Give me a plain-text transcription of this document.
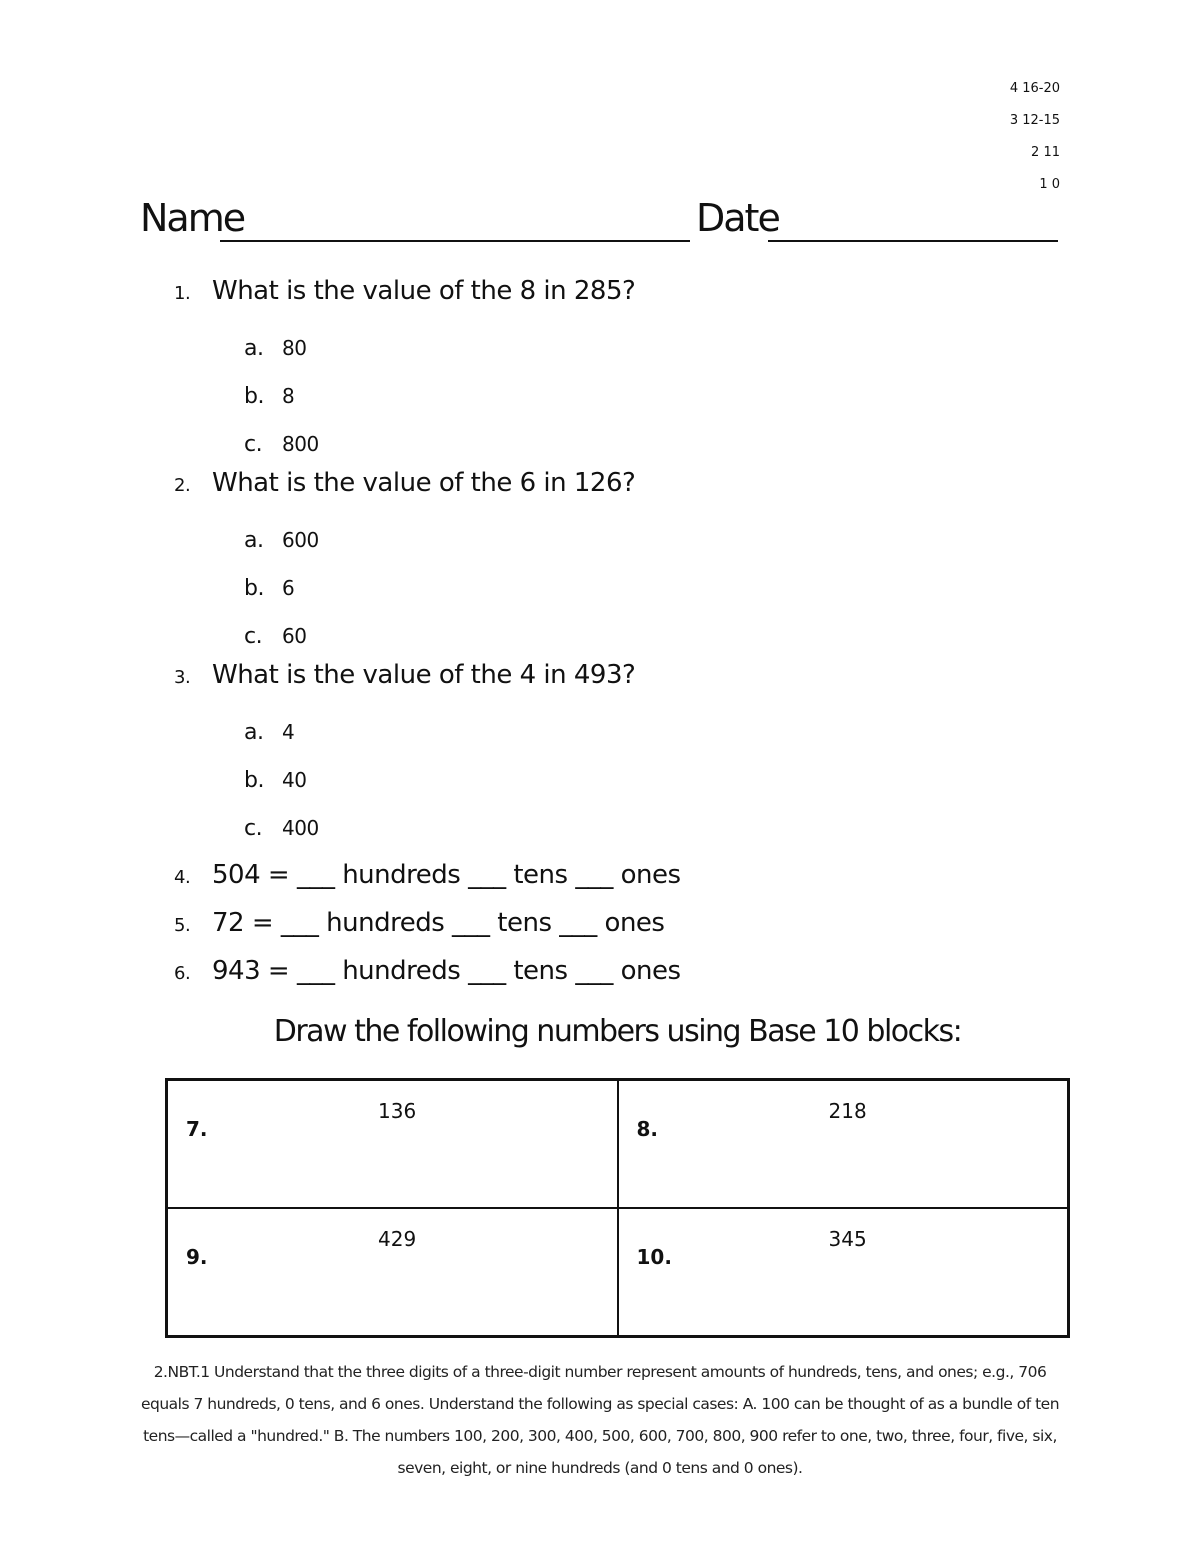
4 16-20
3 12-15
2 11
1 0
Name	Date
1. What is the value of the 8 in 285?
a. 80
b. 8
c. 800
2. What is the value of the 6 in 126?
a. 600
b. 6
c. 60
3. What is the value of the 4 in 493?
a. 4
b. 40
c. 400
4. 504 = ___ hundreds ___ tens ___ ones
5. 72 = ___ hundreds ___ tens ___ ones
6. 943 = ___ hundreds ___ tens ___ ones
Draw the following numbers using Base 10 blocks:
7.
136
8.
218
9.
429
10.
345
2.NBT.1 Understand that the three digits of a three-digit number represent amounts of hundreds, tens, and ones; e.g., 706 equals 7 hundreds, 0 tens, and 6 ones. Understand the following as special cases: A. 100 can be thought of as a bundle of ten tens—called a "hundred." B. The numbers 100, 200, 300, 400, 500, 600, 700, 800, 900 refer to one, two, three, four, five, six, seven, eight, or nine hundreds (and 0 tens and 0 ones).
